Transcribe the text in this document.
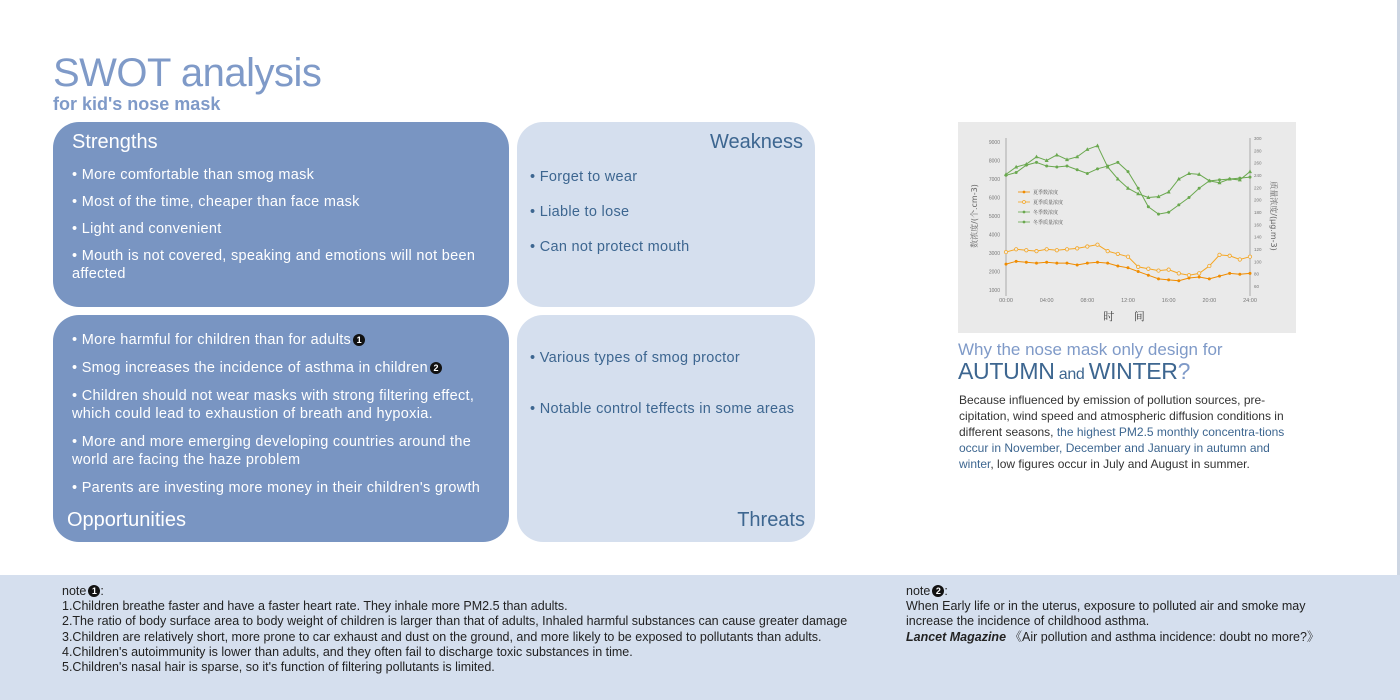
SWOT analysis
for kid's nose mask
Strengths
• More comfortable than smog mask
• Most of the time, cheaper than face mask
• Light and convenient
• Mouth is not covered, speaking and emotions will not been affected
Weakness
• Forget to wear
• Liable to lose
• Can not protect mouth
• More harmful for children than for adults 1
• Smog increases the incidence of asthma in children 2
• Children should not wear masks with strong filtering effect, which could lead to exhaustion of breath and hypoxia.
• More and more emerging developing countries around the world are facing the haze problem
• Parents are investing more money in their children's growth
Opportunities
• Various types of smog proctor
• Notable control teffects in some areas
Threats
1000
2000
3000
4000
5000
6000
7000
8000
9000
60
80
100
120
140
160
180
200
220
240
260
280
300
00:00	04:00	08:00	12:00	16:00	20:00	24:00
时 间
数浓度/(个.cm-3)	质量浓度/(μg.m-3)
夏季数浓度
夏季质量浓度
冬季数浓度
冬季质量浓度
Why the nose mask only design for
AUTUMN and WINTER?
Because influenced by emission of pollution sources, pre-cipitation, wind speed and atmospheric diffusion conditions in different seasons, the highest PM2.5 monthly concentra-tions occur in November, December and January in autumn and winter, low figures occur in July and August in summer.
note 1 :
1.Children breathe faster and have a faster heart rate. They inhale more PM2.5 than adults.
2.The ratio of body surface area to body weight of children is larger than that of adults, Inhaled harmful substances can cause greater damage
3.Children are relatively short, more prone to car exhaust and dust on the ground, and more likely to be exposed to pollutants than adults.
4.Children's autoimmunity is lower than adults, and they often fail to discharge toxic substances in time.
5.Children's nasal hair is sparse, so it's function of filtering pollutants is limited.
note 2 :
When Early life or in the uterus, exposure to polluted air and smoke may
increase the incidence of childhood asthma.
Lancet Magazine 《Air pollution and asthma incidence: doubt no more?》
